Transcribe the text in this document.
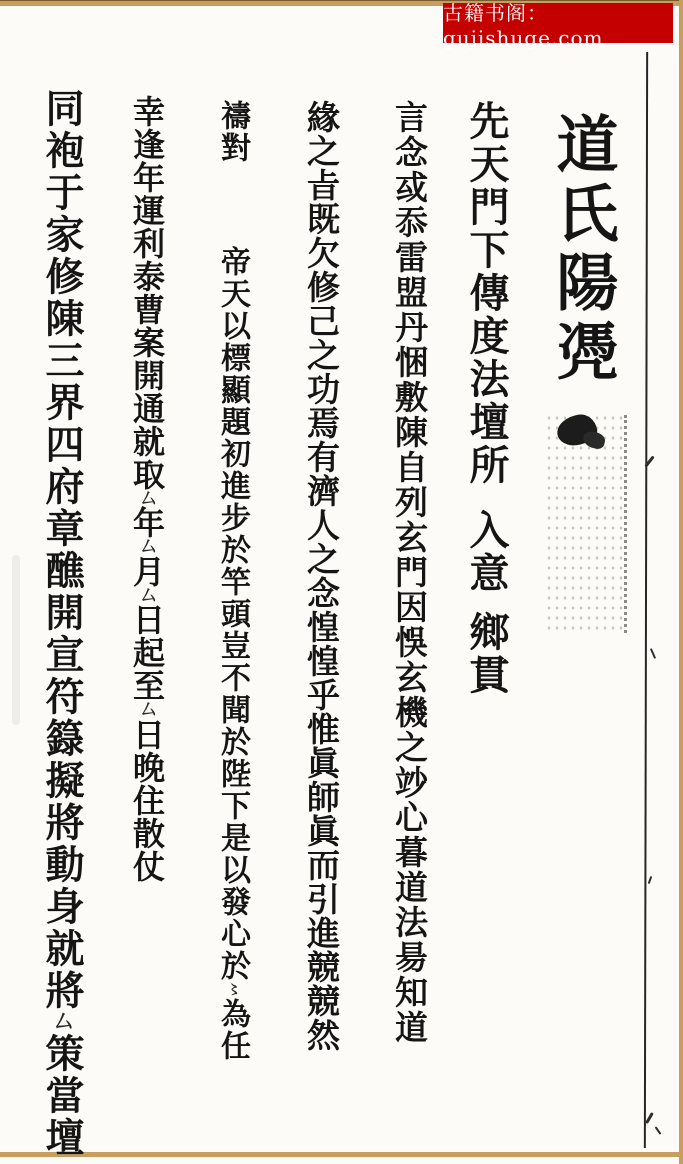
古籍书阁：gujishuge.com
道氏陽凴
先天門下傳度法壇所入意鄉貫
言念㦯忝雷盟丹悃敷陳自列玄門因悞玄機之竗心暮道法昜知道
緣之㫖既欠修己之功焉有濟人之念惶惶乎惟眞師眞而引進競競然
禱對帝天以標顯題初進步於竿頭豈不聞於陛下是以發心於〻為任
幸逢年運利泰曹案開通就取厶年厶月厶日起至厶日晚住散仗
同袍于家修陳三界四府章醮開宣符籙擬將動身就將厶策當壇
